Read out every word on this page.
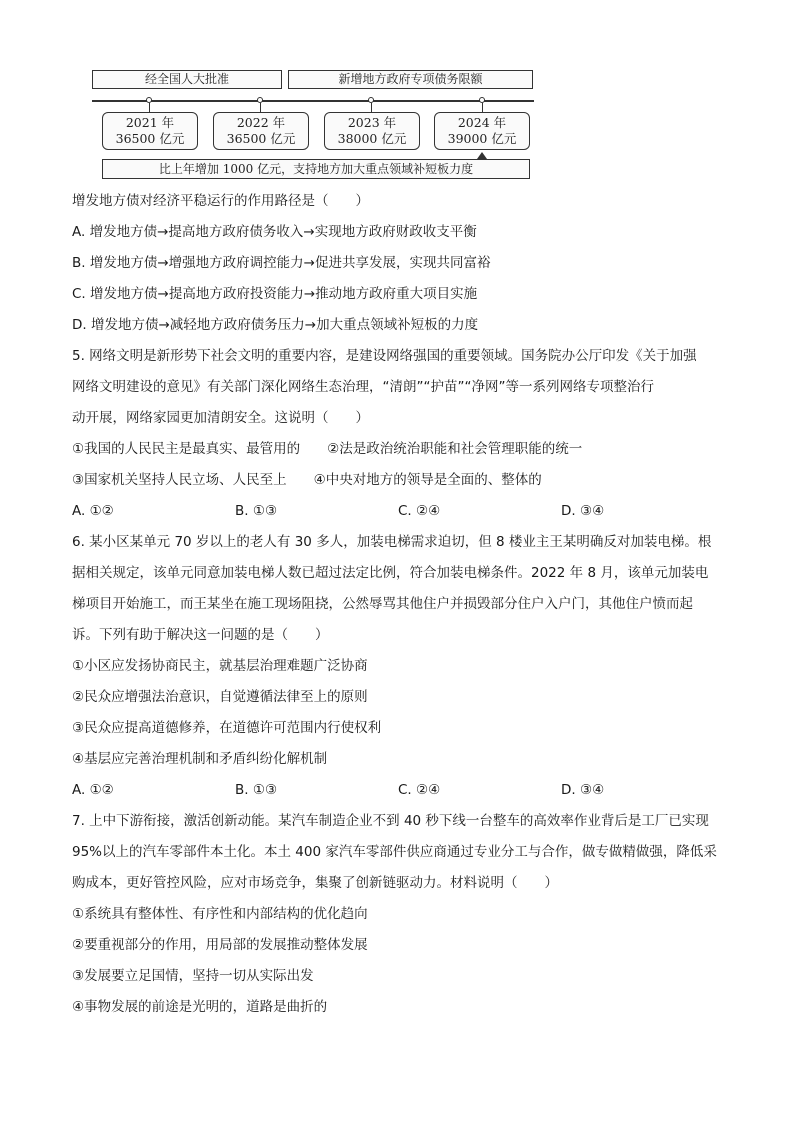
经全国人大批准	新增地方政府专项债务限额
2021 年
36500 亿元
2022 年
36500 亿元
2023 年
38000 亿元
2024 年
39000 亿元
比上年增加 1000 亿元，支持地方加大重点领域补短板力度
增发地方债对经济平稳运行的作用路径是（　　）
A. 增发地方债→提高地方政府债务收入→实现地方政府财政收支平衡
B. 增发地方债→增强地方政府调控能力→促进共享发展，实现共同富裕
C. 增发地方债→提高地方政府投资能力→推动地方政府重大项目实施
D. 增发地方债→减轻地方政府债务压力→加大重点领域补短板的力度
5. 网络文明是新形势下社会文明的重要内容，是建设网络强国的重要领域。国务院办公厅印发《关于加强
网络文明建设的意见》有关部门深化网络生态治理，“清朗”“护苗”“净网”等一系列网络专项整治行
动开展，网络家园更加清朗安全。这说明（　　）
①我国的人民民主是最真实、最管用的　　②法是政治统治职能和社会管理职能的统一
③国家机关坚持人民立场、人民至上　　④中央对地方的领导是全面的、整体的
A. ①②	B. ①③	C. ②④	D. ③④
6. 某小区某单元 70 岁以上的老人有 30 多人，加装电梯需求迫切，但 8 楼业主王某明确反对加装电梯。根
据相关规定，该单元同意加装电梯人数已超过法定比例，符合加装电梯条件。2022 年 8 月，该单元加装电
梯项目开始施工，而王某坐在施工现场阻挠，公然辱骂其他住户并损毁部分住户入户门，其他住户愤而起
诉。下列有助于解决这一问题的是（　　）
①小区应发扬协商民主，就基层治理难题广泛协商
②民众应增强法治意识，自觉遵循法律至上的原则
③民众应提高道德修养，在道德许可范围内行使权利
④基层应完善治理机制和矛盾纠纷化解机制
A. ①②	B. ①③	C. ②④	D. ③④
7. 上中下游衔接，激活创新动能。某汽车制造企业不到 40 秒下线一台整车的高效率作业背后是工厂已实现
95%以上的汽车零部件本土化。本土 400 家汽车零部件供应商通过专业分工与合作，做专做精做强，降低采
购成本，更好管控风险，应对市场竞争，集聚了创新链驱动力。材料说明（　　）
①系统具有整体性、有序性和内部结构的优化趋向
②要重视部分的作用，用局部的发展推动整体发展
③发展要立足国情，坚持一切从实际出发
④事物发展的前途是光明的，道路是曲折的
